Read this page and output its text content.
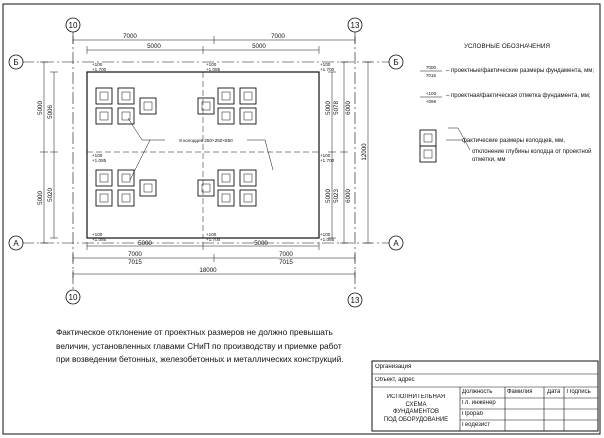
10	13
10	13
Б	Б
A	A
8 колодцев 250×250×850
7000	7000
5000	5000
+100
+1.700
+100
+1.085
+100
+1.700
5000	5000
7000
7015
7000
7015
18000
+100
+1.085
+100
+1.700
+100
+1.085
+100
+1.085
+100
+1.700
5000
5000
5006
5020
5000 5078
5000 5023
6000
6000
12000
7000
7015
+100
+096
УСЛОВНЫЕ ОБОЗНАЧЕНИЯ
– проектные/фактические размеры фундамента, мм;
– проектная/фактическая отметка фундамента, мм;
фактические размеры колодцев, мм,
отклонение глубины колодца от проектной отметки, мм
Фактическое отклонение от проектных размеров не должно превышать
величин, установленных главами СНиП по производству и приемке работ
при возведении бетонных, железобетонных и металлических конструкций.
Организация
Объект, адрес
ИСПОЛНИТЕЛЬНАЯ
СХЕМА
ФУНДАМЕНТОВ
ПОД ОБОРУДОВАНИЕ
Должность Фамилия Дата Подпись
Гл. инженер
Прораб
Геодезист
